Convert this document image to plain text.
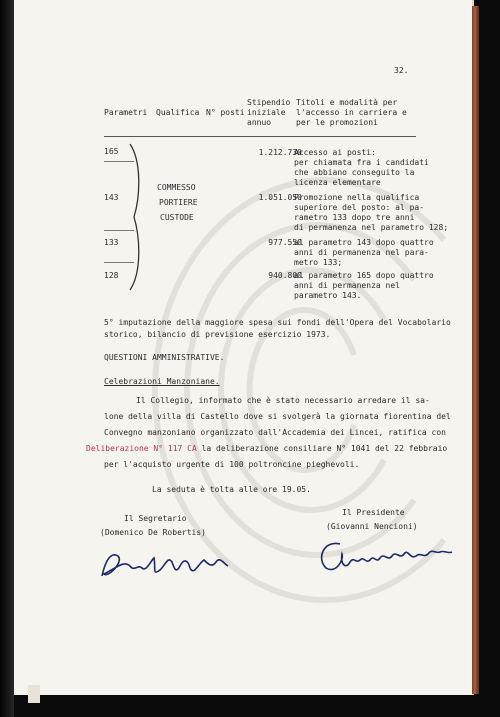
32.
Parametri Qualifica N° posti
Stipendio
iniziale
annuo
Titoli e modalità per
l'accesso in carriera e
per le promozioni
165
143
133
128
COMMESSO
PORTIERE
CUSTODE
1.212.730
1.051.050
977.550
940.800
Accesso ai posti:
per chiamata fra i candidati
che abbiano conseguito la
licenza elementare
Promozione nella qualifica
superiore del posto: al pa-
rametro 133 dopo tre anni
di permanenza nel parametro 128;
al parametro 143 dopo quattro
anni di permanenza nel para-
metro 133;
al parametro 165 dopo quattro
anni di permanenza nel
parametro 143.
5° imputazione della maggiore spesa sui fondi dell'Opera del Vocabolario
storico, bilancio di previsione esercizio 1973.
QUESTIONI AMMINISTRATIVE.
Celebrazioni Manzoniane.
Il Collegio, informato che è stato necessario arredare il sa-
lone della villa di Castello dove si svolgerà la giornata fiorentina del
Convegno manzoniano organizzato dall'Accademia dei Lincei, ratifica con
Deliberazione N° 117 CA la deliberazione consiliare N° 1041 del 22 febbraio
per l'acquisto urgente di 100 poltroncine pieghevoli.
La seduta è tolta alle ore 19.05.
Il Presidente
(Giovanni Nencioni)
Il Segretario
(Domenico De Robertis)
